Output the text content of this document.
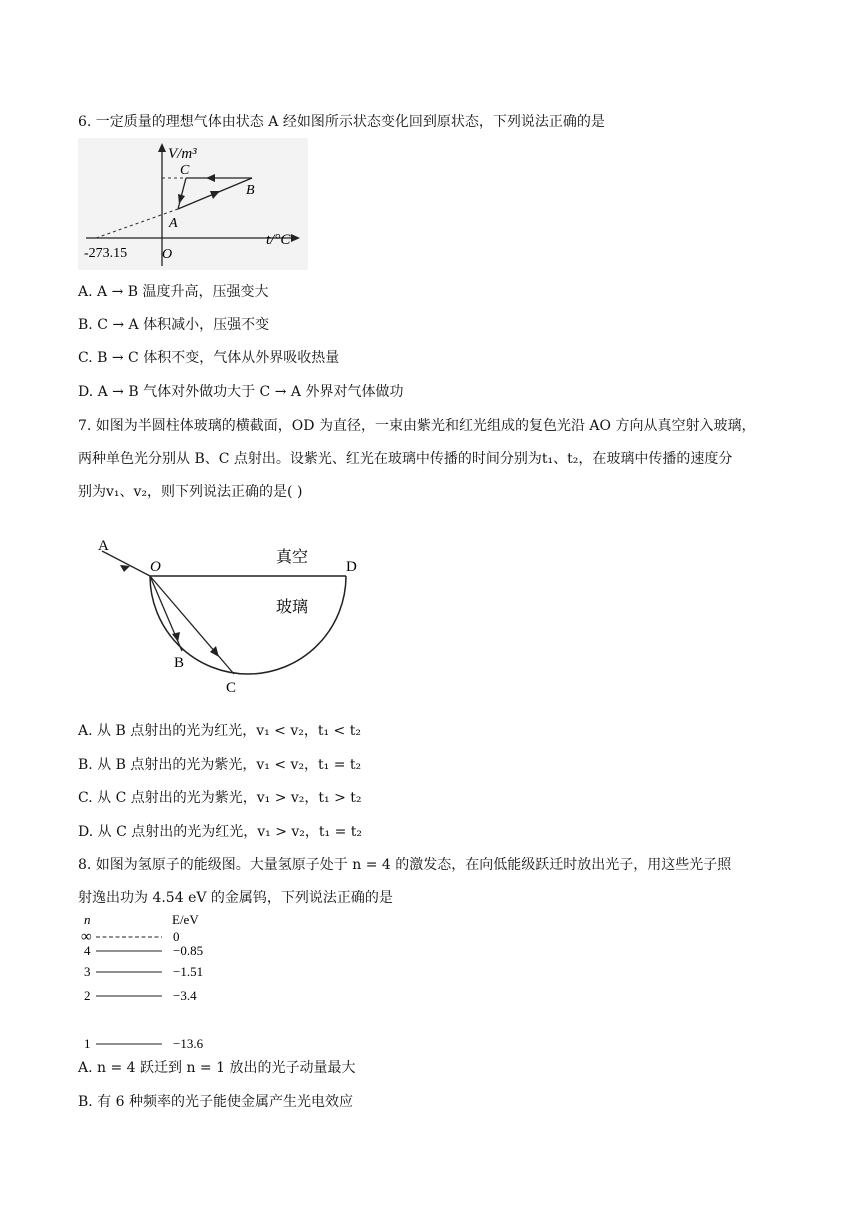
6. 一定质量的理想气体由状态 A 经如图所示状态变化回到原状态，下列说法正确的是
V/m³
t/°C
-273.15 O
A
B
C
A. A → B 温度升高，压强变大
B. C → A 体积减小，压强不变
C. B → C 体积不变，气体从外界吸收热量
D. A → B 气体对外做功大于 C → A 外界对气体做功
7. 如图为半圆柱体玻璃的横截面，OD 为直径，一束由紫光和红光组成的复色光沿 AO 方向从真空射入玻璃，
两种单色光分别从 B、C 点射出。设紫光、红光在玻璃中传播的时间分别为t₁、t₂，在玻璃中传播的速度分
别为v₁、v₂，则下列说法正确的是( )
A
O	D
B
C
真空
玻璃
A. 从 B 点射出的光为红光，v₁ < v₂，t₁ < t₂
B. 从 B 点射出的光为紫光，v₁ < v₂，t₁ = t₂
C. 从 C 点射出的光为紫光，v₁ > v₂，t₁ > t₂
D. 从 C 点射出的光为红光，v₁ > v₂，t₁ = t₂
8. 如图为氢原子的能级图。大量氢原子处于 n = 4 的激发态，在向低能级跃迁时放出光子，用这些光子照
射逸出功为 4.54 eV 的金属钨，下列说法正确的是
n	E/eV
∞	0
4	−0.85
3	−1.51
2	−3.4
1	−13.6
A. n = 4 跃迁到 n = 1 放出的光子动量最大
B. 有 6 种频率的光子能使金属产生光电效应
